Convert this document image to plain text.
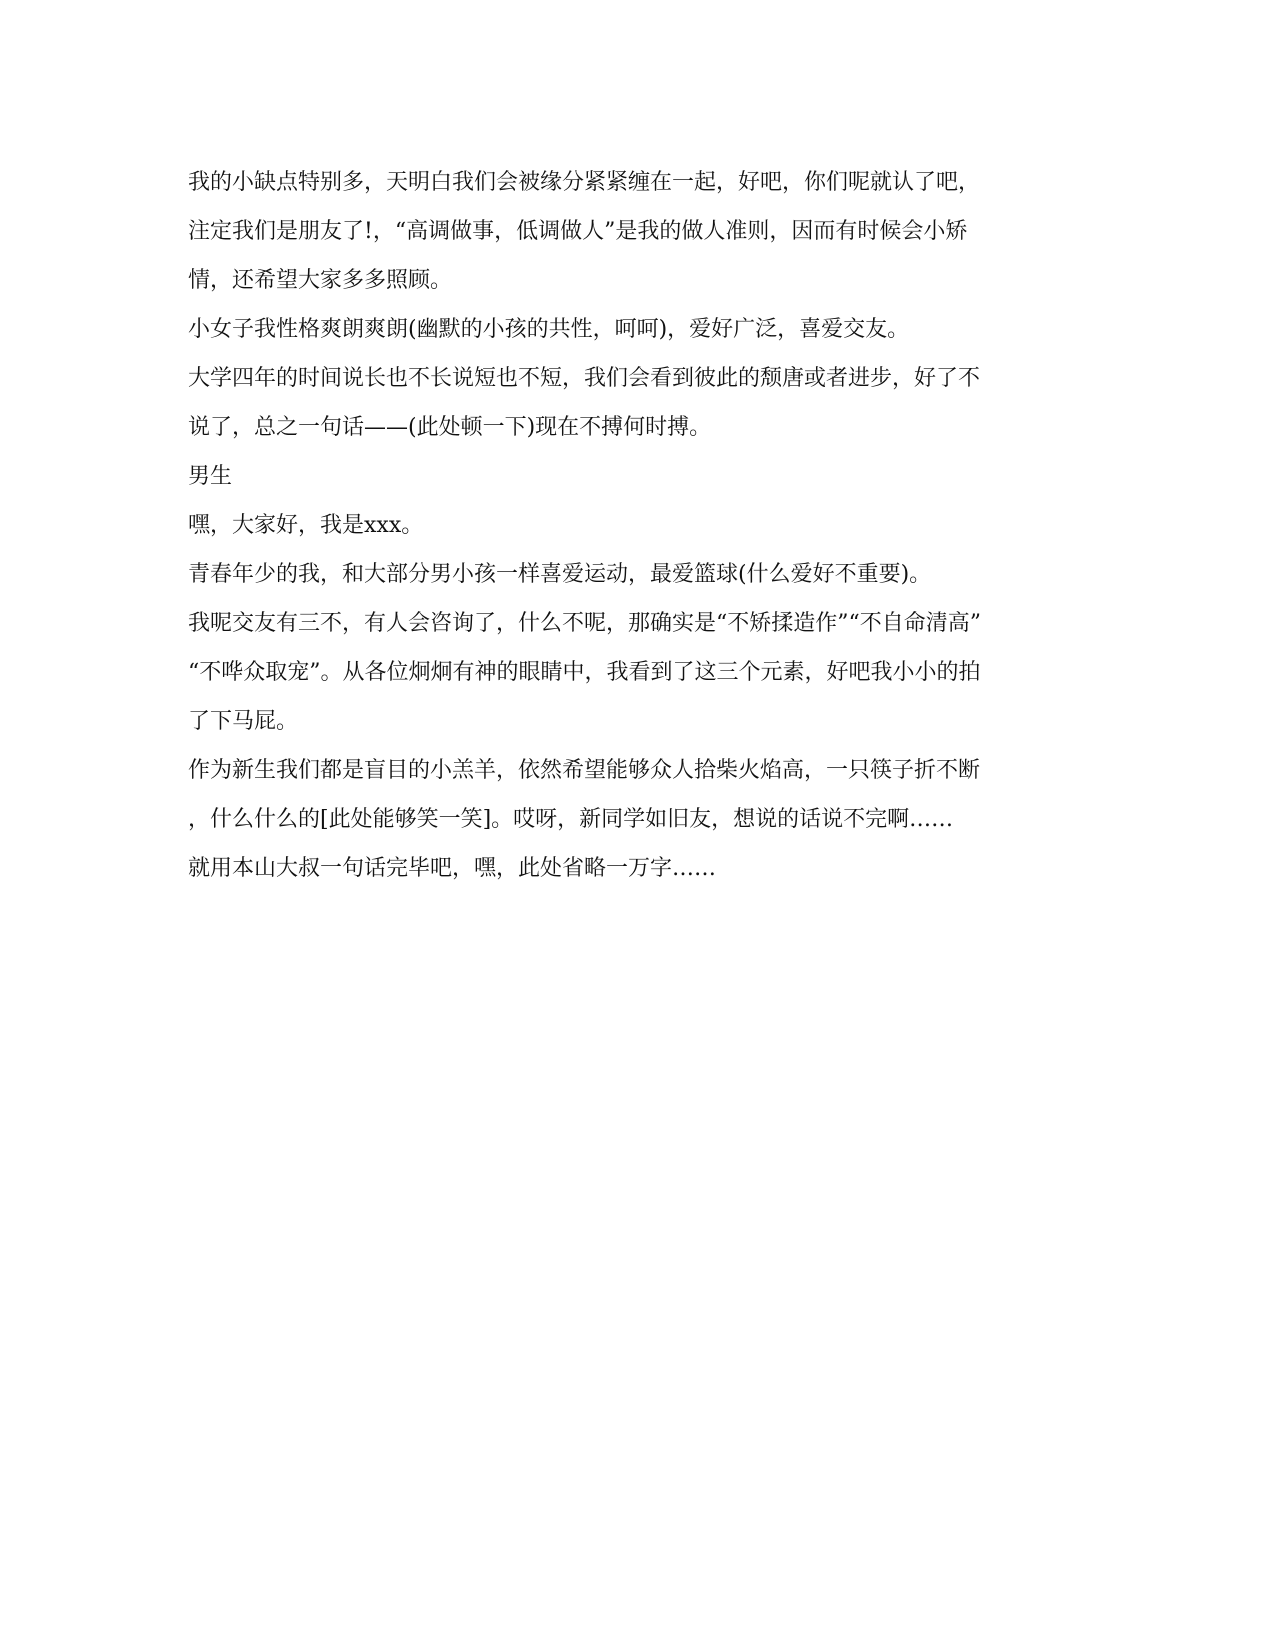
我的小缺点特别多，天明白我们会被缘分紧紧缠在一起，好吧，你们呢就认了吧，
注定我们是朋友了!，“高调做事，低调做人”是我的做人准则，因而有时候会小矫
情，还希望大家多多照顾。

小女子我性格爽朗爽朗(幽默的小孩的共性，呵呵)，爱好广泛，喜爱交友。

大学四年的时间说长也不长说短也不短，我们会看到彼此的颓唐或者进步，好了不
说了，总之一句话——(此处顿一下)现在不搏何时搏。

男生

嘿，大家好，我是xxx。

青春年少的我，和大部分男小孩一样喜爱运动，最爱篮球(什么爱好不重要)。

我呢交友有三不，有人会咨询了，什么不呢，那确实是“不矫揉造作”“不自命清高”
“不哗众取宠”。从各位炯炯有神的眼睛中，我看到了这三个元素，好吧我小小的拍
了下马屁。

作为新生我们都是盲目的小羔羊，依然希望能够众人拾柴火焰高，一只筷子折不断
，什么什么的[此处能够笑一笑]。哎呀，新同学如旧友，想说的话说不完啊……
就用本山大叔一句话完毕吧，嘿，此处省略一万字……
